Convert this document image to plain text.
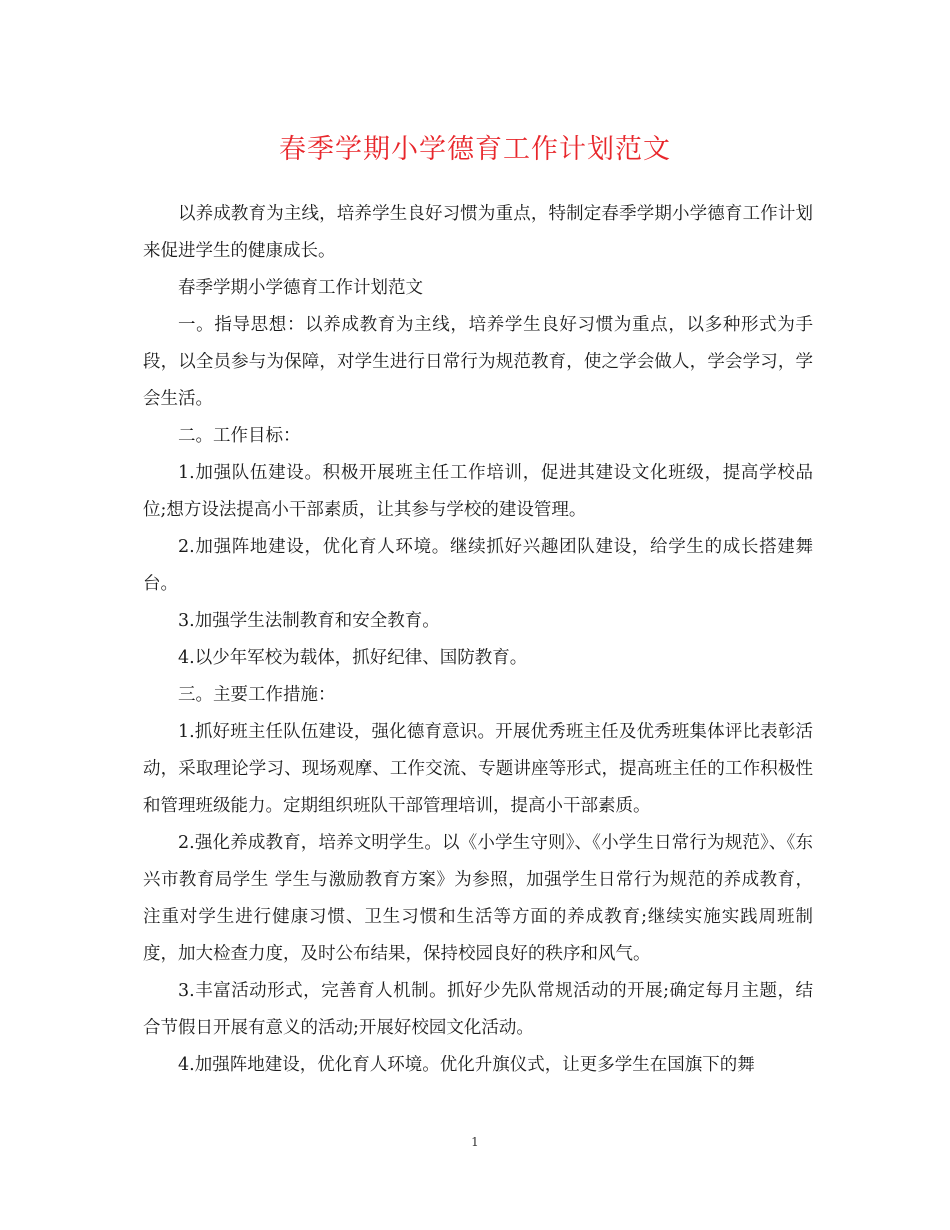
春季学期小学德育工作计划范文

以养成教育为主线，培养学生良好习惯为重点，特制定春季学期小学德育工作计划来促进学生的健康成长。

春季学期小学德育工作计划范文

一。指导思想：以养成教育为主线，培养学生良好习惯为重点，以多种形式为手段，以全员参与为保障，对学生进行日常行为规范教育，使之学会做人，学会学习，学会生活。

二。工作目标：

1.加强队伍建设。积极开展班主任工作培训，促进其建设文化班级，提高学校品位;想方设法提高小干部素质，让其参与学校的建设管理。

2.加强阵地建设，优化育人环境。继续抓好兴趣团队建设，给学生的成长搭建舞台。

3.加强学生法制教育和安全教育。

4.以少年军校为载体，抓好纪律、国防教育。

三。主要工作措施：

1.抓好班主任队伍建设，强化德育意识。开展优秀班主任及优秀班集体评比表彰活动，采取理论学习、现场观摩、工作交流、专题讲座等形式，提高班主任的工作积极性和管理班级能力。定期组织班队干部管理培训，提高小干部素质。

2.强化养成教育，培养文明学生。以《小学生守则》、《小学生日常行为规范》、《东兴市教育局学生 学生与激励教育方案》为参照，加强学生日常行为规范的养成教育，注重对学生进行健康习惯、卫生习惯和生活等方面的养成教育;继续实施实践周班制度，加大检查力度，及时公布结果，保持校园良好的秩序和风气。

3.丰富活动形式，完善育人机制。抓好少先队常规活动的开展;确定每月主题，结合节假日开展有意义的活动;开展好校园文化活动。

4.加强阵地建设，优化育人环境。优化升旗仪式，让更多学生在国旗下的舞

1
